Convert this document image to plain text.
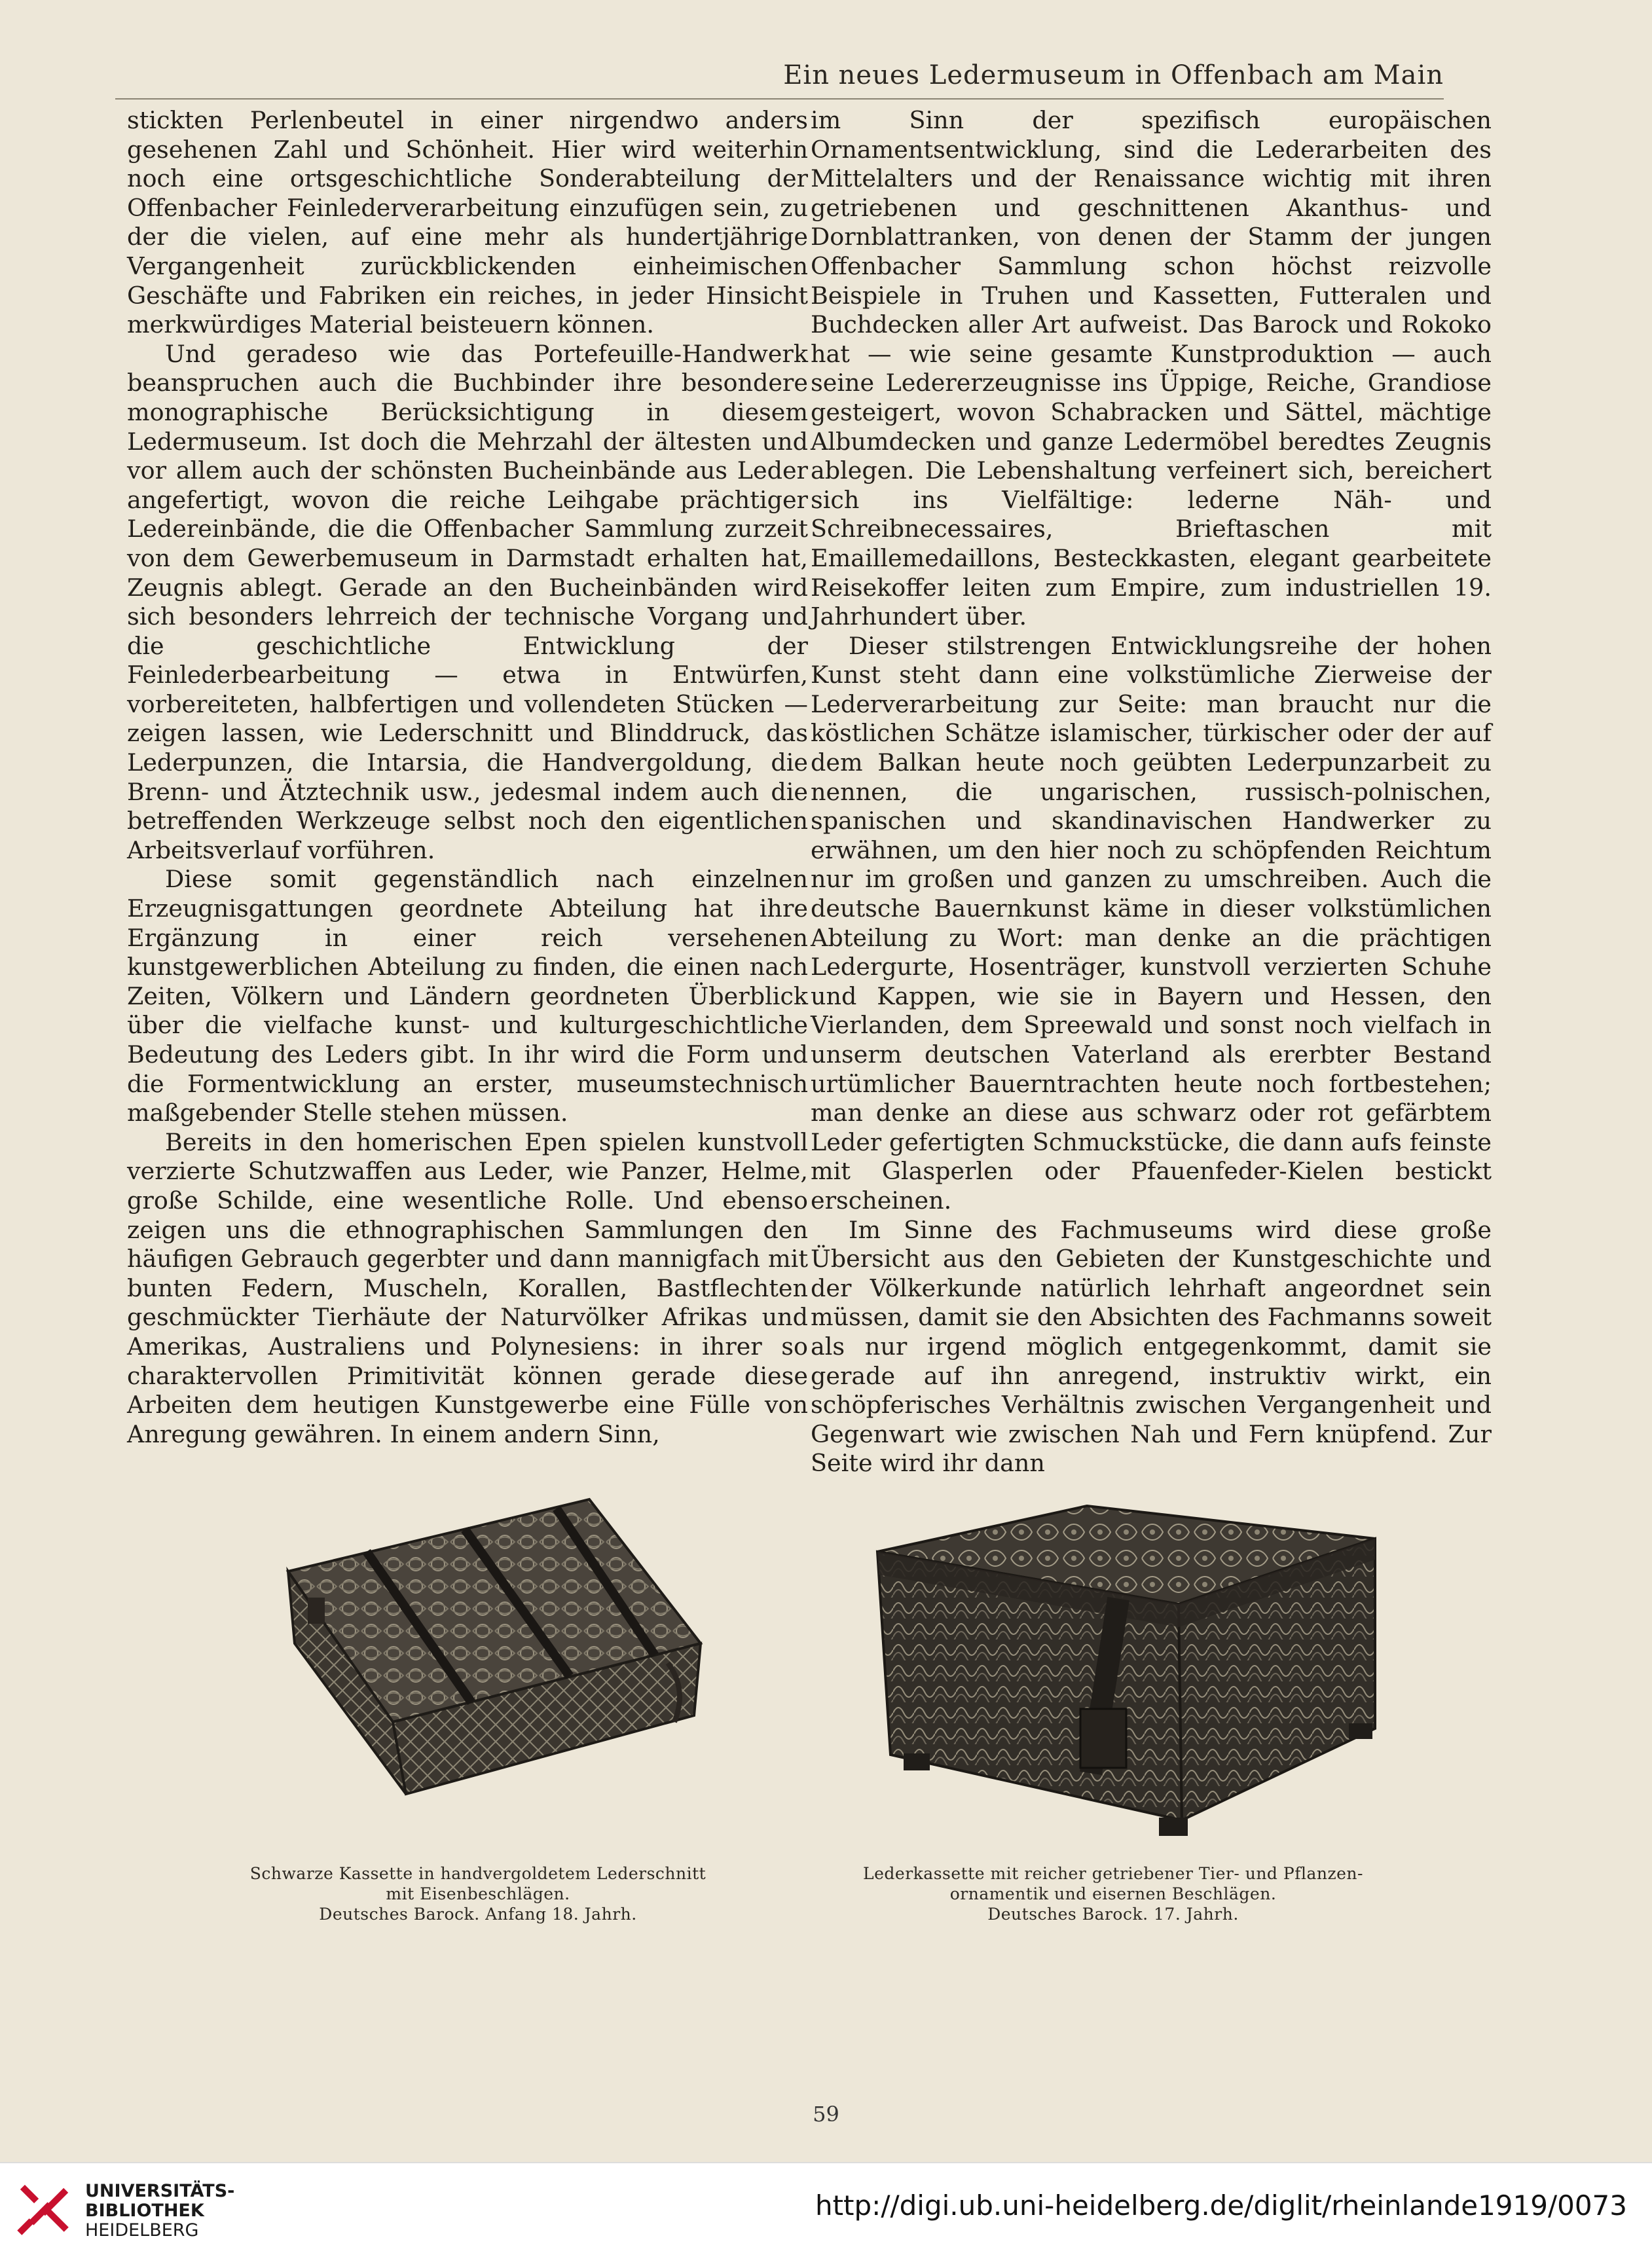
Ein neues Ledermuseum in Offenbach am Main

stickten Perlenbeutel in einer nirgendwo anders gesehenen Zahl und Schönheit. Hier wird weiterhin noch eine ortsgeschichtliche Sonderabteilung der Offenbacher Feinlederverarbeitung einzufügen sein, zu der die vielen, auf eine mehr als hundertjährige Vergangenheit zurückblickenden einheimischen Geschäfte und Fabriken ein reiches, in jeder Hinsicht merkwürdiges Material beisteuern können.

Und geradeso wie das Portefeuille-Handwerk beanspruchen auch die Buchbinder ihre besondere monographische Berücksichtigung in diesem Ledermuseum. Ist doch die Mehrzahl der ältesten und vor allem auch der schönsten Bucheinbände aus Leder angefertigt, wovon die reiche Leihgabe prächtiger Ledereinbände, die die Offenbacher Sammlung zurzeit von dem Gewerbemuseum in Darmstadt erhalten hat, Zeugnis ablegt. Gerade an den Bucheinbänden wird sich besonders lehrreich der technische Vorgang und die geschichtliche Entwicklung der Feinlederbearbeitung — etwa in Entwürfen, vorbereiteten, halbfertigen und vollendeten Stücken — zeigen lassen, wie Lederschnitt und Blinddruck, das Lederpunzen, die Intarsia, die Handvergoldung, die Brenn- und Ätztechnik usw., jedesmal indem auch die betreffenden Werkzeuge selbst noch den eigentlichen Arbeitsverlauf vorführen.

Diese somit gegenständlich nach einzelnen Erzeugnisgattungen geordnete Abteilung hat ihre Ergänzung in einer reich versehenen kunstgewerblichen Abteilung zu finden, die einen nach Zeiten, Völkern und Ländern geordneten Überblick über die vielfache kunst- und kulturgeschichtliche Bedeutung des Leders gibt. In ihr wird die Form und die Formentwicklung an erster, museumstechnisch maßgebender Stelle stehen müssen.

Bereits in den homerischen Epen spielen kunstvoll verzierte Schutzwaffen aus Leder, wie Panzer, Helme, große Schilde, eine wesentliche Rolle. Und ebenso zeigen uns die ethnographischen Sammlungen den häufigen Gebrauch gegerbter und dann mannigfach mit bunten Federn, Muscheln, Korallen, Bastflechten geschmückter Tierhäute der Naturvölker Afrikas und Amerikas, Australiens und Polynesiens: in ihrer so charaktervollen Primitivität können gerade diese Arbeiten dem heutigen Kunstgewerbe eine Fülle von Anregung gewähren. In einem andern Sinn,

im Sinn der spezifisch europäischen Ornamentsentwicklung, sind die Lederarbeiten des Mittelalters und der Renaissance wichtig mit ihren getriebenen und geschnittenen Akanthus- und Dornblattranken, von denen der Stamm der jungen Offenbacher Sammlung schon höchst reizvolle Beispiele in Truhen und Kassetten, Futteralen und Buchdecken aller Art aufweist. Das Barock und Rokoko hat — wie seine gesamte Kunstproduktion — auch seine Ledererzeugnisse ins Üppige, Reiche, Grandiose gesteigert, wovon Schabracken und Sättel, mächtige Albumdecken und ganze Ledermöbel beredtes Zeugnis ablegen. Die Lebenshaltung verfeinert sich, bereichert sich ins Vielfältige: lederne Näh- und Schreibnecessaires, Brieftaschen mit Emaillemedaillons, Besteckkasten, elegant gearbeitete Reisekoffer leiten zum Empire, zum industriellen 19. Jahrhundert über.

Dieser stilstrengen Entwicklungsreihe der hohen Kunst steht dann eine volkstümliche Zierweise der Lederverarbeitung zur Seite: man braucht nur die köstlichen Schätze islamischer, türkischer oder der auf dem Balkan heute noch geübten Lederpunzarbeit zu nennen, die ungarischen, russisch-polnischen, spanischen und skandinavischen Handwerker zu erwähnen, um den hier noch zu schöpfenden Reichtum nur im großen und ganzen zu umschreiben. Auch die deutsche Bauernkunst käme in dieser volkstümlichen Abteilung zu Wort: man denke an die prächtigen Ledergurte, Hosenträger, kunstvoll verzierten Schuhe und Kappen, wie sie in Bayern und Hessen, den Vierlanden, dem Spreewald und sonst noch vielfach in unserm deutschen Vaterland als ererbter Bestand urtümlicher Bauerntrachten heute noch fortbestehen; man denke an diese aus schwarz oder rot gefärbtem Leder gefertigten Schmuckstücke, die dann aufs feinste mit Glasperlen oder Pfauenfeder-Kielen bestickt erscheinen.

Im Sinne des Fachmuseums wird diese große Übersicht aus den Gebieten der Kunstgeschichte und der Völkerkunde natürlich lehrhaft angeordnet sein müssen, damit sie den Absichten des Fachmanns soweit als nur irgend möglich entgegenkommt, damit sie gerade auf ihn anregend, instruktiv wirkt, ein schöpferisches Verhältnis zwischen Vergangenheit und Gegenwart wie zwischen Nah und Fern knüpfend. Zur Seite wird ihr dann

Schwarze Kassette in handvergoldetem Lederschnitt
mit Eisenbeschlägen.
Deutsches Barock. Anfang 18. Jahrh.
Lederkassette mit reicher getriebener Tier- und Pflanzen-
ornamentik und eisernen Beschlägen.
Deutsches Barock. 17. Jahrh.
59
UNIVERSITÄTS-
BIBLIOTHEK
HEIDELBERG
http://digi.ub.uni-heidelberg.de/diglit/rheinlande1919/0073
